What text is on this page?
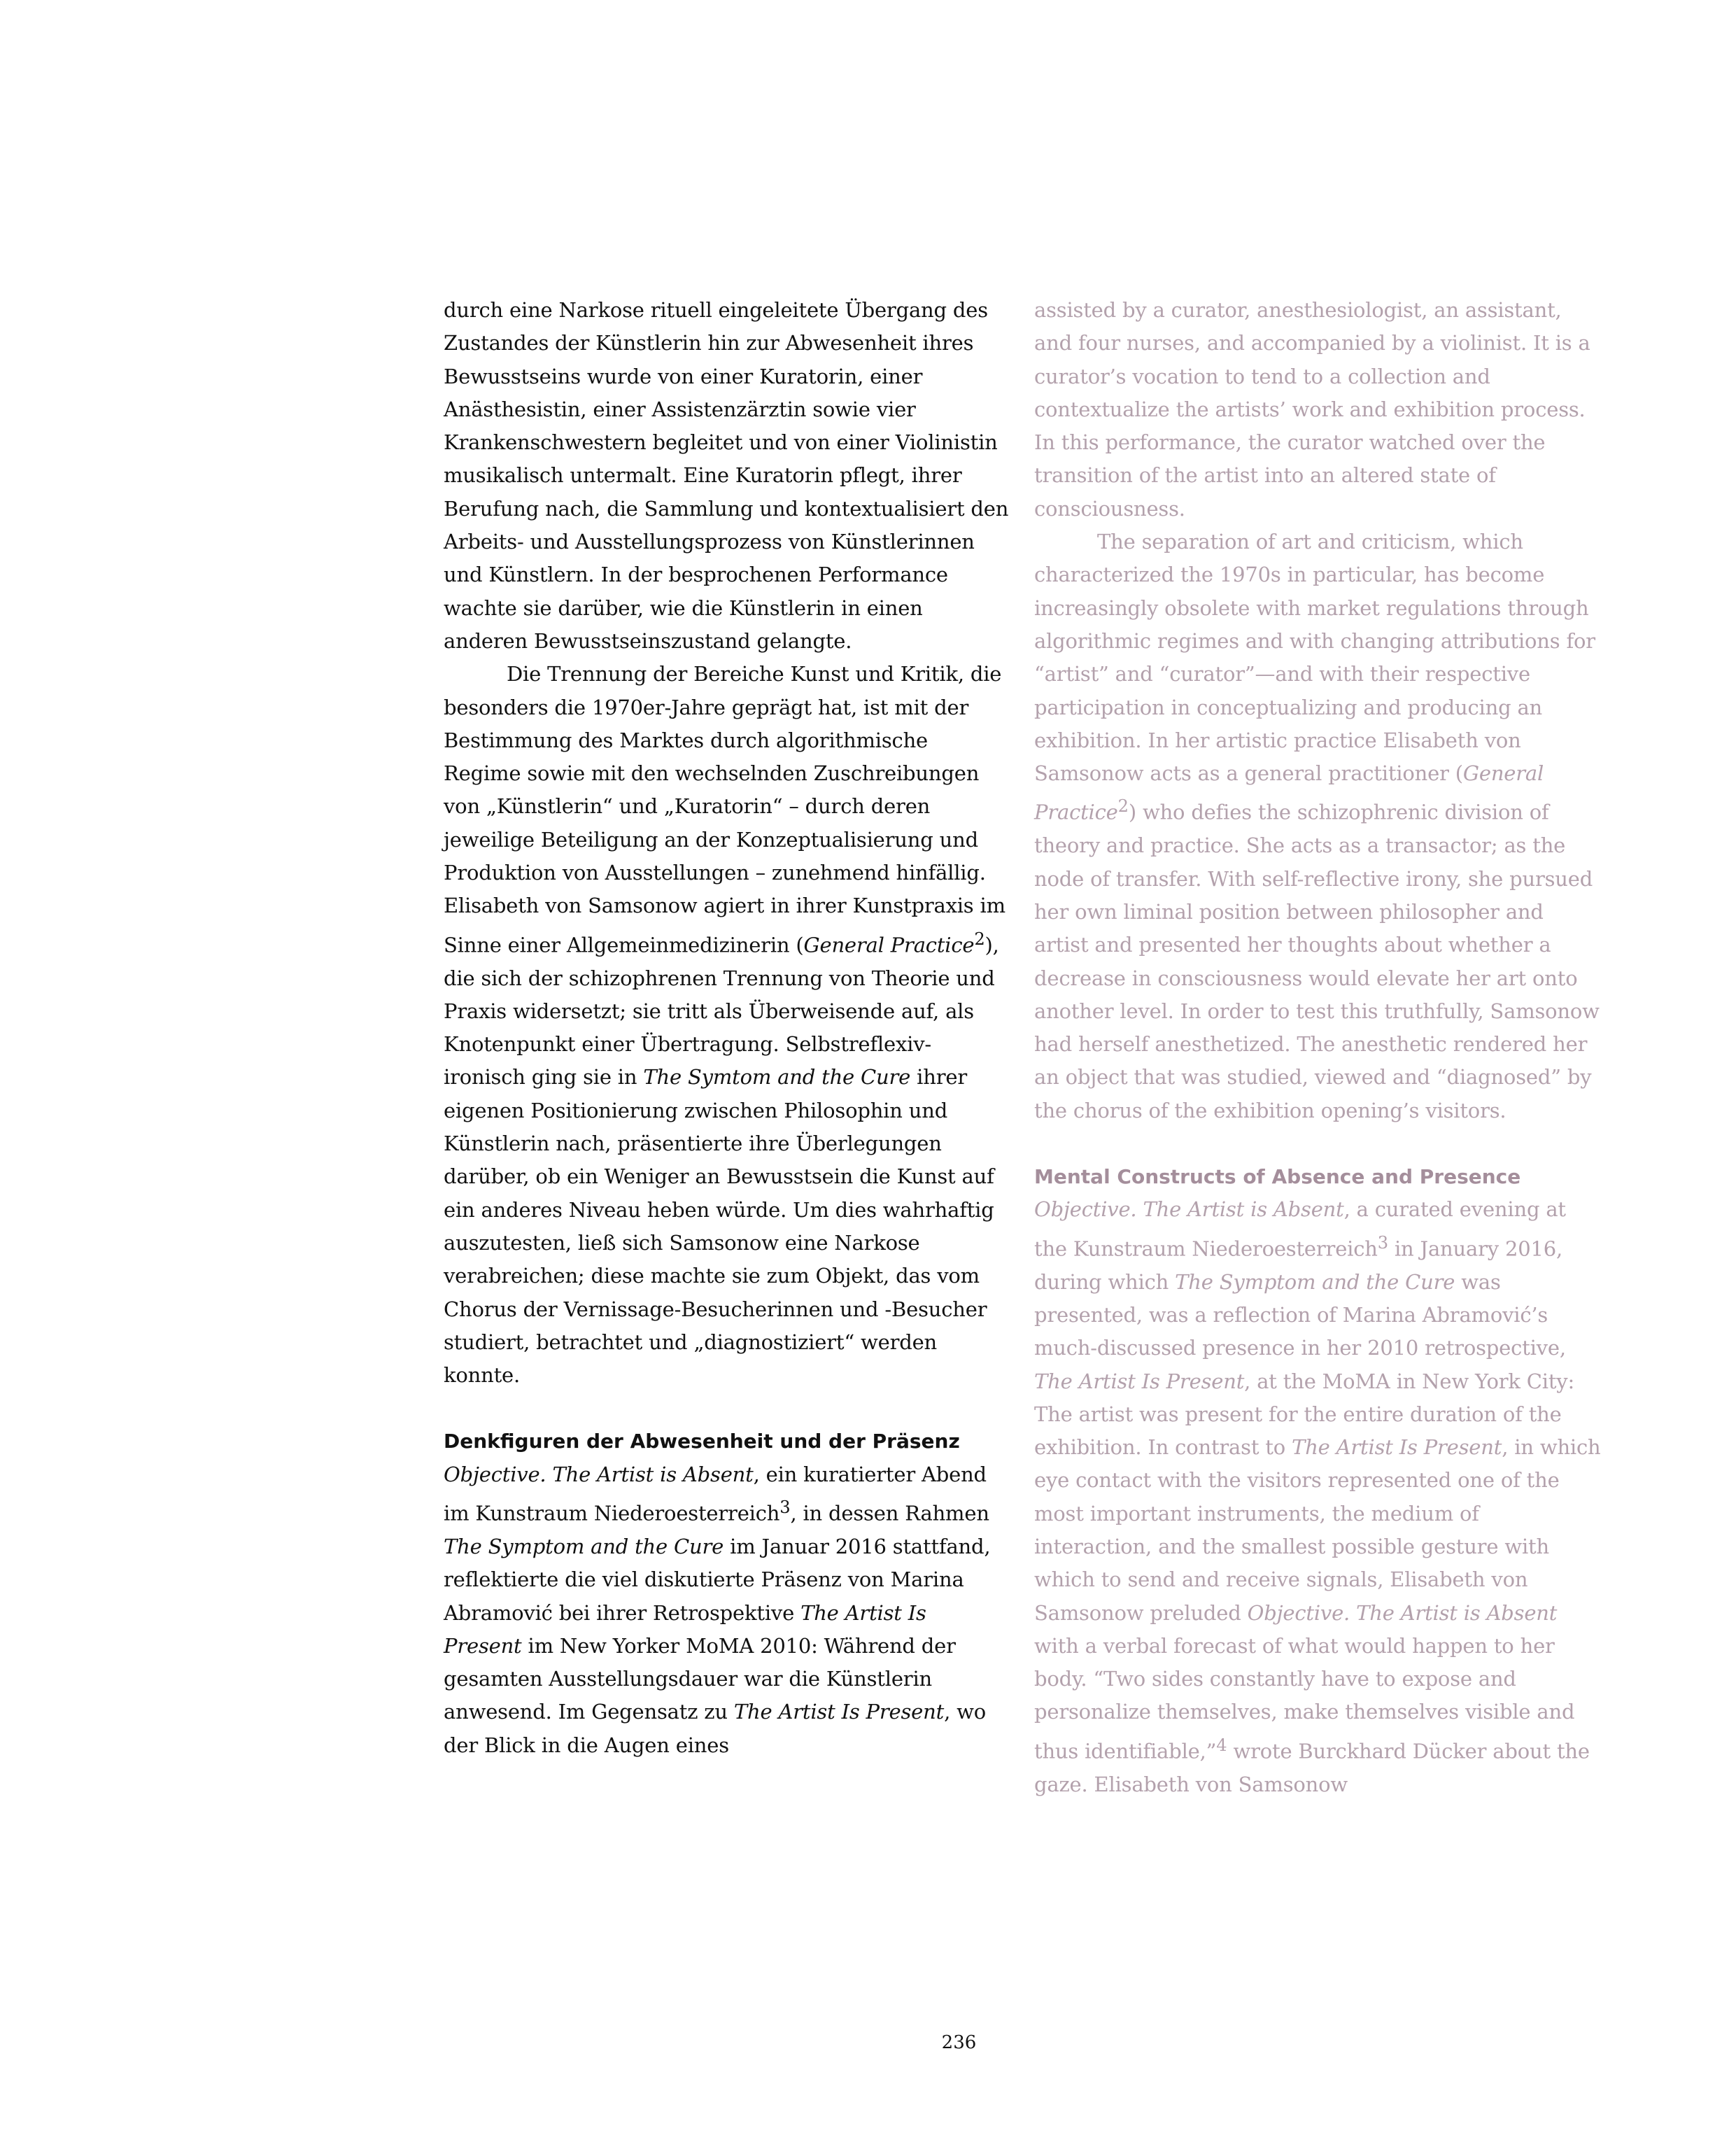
durch eine Narkose rituell eingeleitete Übergang des Zustandes der Künstlerin hin zur Abwesenheit ihres Bewusstseins wurde von einer Kuratorin, einer Anästhesistin, einer Assistenzärztin sowie vier Krankenschwestern begleitet und von einer Violinistin musikalisch untermalt. Eine Kuratorin pflegt, ihrer Berufung nach, die Sammlung und kontextualisiert den Arbeits- und Ausstellungsprozess von Künstlerinnen und Künstlern. In der besprochenen Performance wachte sie darüber, wie die Künstlerin in einen anderen Bewusstseinszustand gelangte.

Die Trennung der Bereiche Kunst und Kritik, die besonders die 1970er-Jahre geprägt hat, ist mit der Bestimmung des Marktes durch algorithmische Regime sowie mit den wechselnden Zuschreibungen von „Künstlerin“ und „Kuratorin“ – durch deren jeweilige Beteiligung an der Konzeptualisierung und Produktion von Ausstellungen – zunehmend hinfällig. Elisabeth von Samsonow agiert in ihrer Kunstpraxis im Sinne einer Allgemeinmedizinerin (General Practice$^2$), die sich der schizophrenen Trennung von Theorie und Praxis widersetzt; sie tritt als Überweisende auf, als Knotenpunkt einer Übertragung. Selbstreflexiv-ironisch ging sie in The Symtom and the Cure ihrer eigenen Positionierung zwischen Philosophin und Künstlerin nach, präsentierte ihre Überlegungen darüber, ob ein Weniger an Bewusstsein die Kunst auf ein anderes Niveau heben würde. Um dies wahrhaftig auszutesten, ließ sich Samsonow eine Narkose verabreichen; diese machte sie zum Objekt, das vom Chorus der Vernissage-Besucherinnen und -Besucher studiert, betrachtet und „diagnostiziert“ werden konnte.

Denkfiguren der Abwesenheit und der Präsenz

Objective. The Artist is Absent, ein kuratierter Abend im Kunstraum Niederoesterreich$^3$, in dessen Rahmen The Symptom and the Cure im Januar 2016 stattfand, reflektierte die viel diskutierte Präsenz von Marina Abramović bei ihrer Retrospektive The Artist Is Present im New Yorker MoMA 2010: Während der gesamten Ausstellungsdauer war die Künstlerin anwesend. Im Gegensatz zu The Artist Is Present, wo der Blick in die Augen eines

assisted by a curator, anesthesiologist, an assistant, and four nurses, and accompanied by a violinist. It is a curator’s vocation to tend to a collection and contextualize the artists’ work and exhibition process. In this performance, the curator watched over the transition of the artist into an altered state of consciousness.

The separation of art and criticism, which characterized the 1970s in particular, has become increasingly obsolete with market regulations through algorithmic regimes and with changing attributions for “artist” and “curator”—and with their respective participation in conceptualizing and producing an exhibition. In her artistic practice Elisabeth von Samsonow acts as a general practitioner (General Practice$^2$) who defies the schizophrenic division of theory and practice. She acts as a transactor; as the node of transfer. With self-reflective irony, she pursued her own liminal position between philosopher and artist and presented her thoughts about whether a decrease in consciousness would elevate her art onto another level. In order to test this truthfully, Samsonow had herself anesthetized. The anesthetic rendered her an object that was studied, viewed and “diagnosed” by the chorus of the exhibition opening’s visitors.

Mental Constructs of Absence and Presence

Objective. The Artist is Absent, a curated evening at the Kunstraum Niederoesterreich$^3$ in January 2016, during which The Symptom and the Cure was presented, was a reflection of Marina Abramović’s much-discussed presence in her 2010 retrospective, The Artist Is Present, at the MoMA in New York City: The artist was present for the entire duration of the exhibition. In contrast to The Artist Is Present, in which eye contact with the visitors represented one of the most important instruments, the medium of interaction, and the smallest possible gesture with which to send and receive signals, Elisabeth von Samsonow preluded Objective. The Artist is Absent with a verbal forecast of what would happen to her body. “Two sides constantly have to expose and personalize themselves, make themselves visible and thus identifiable,”$^4$ wrote Burckhard Dücker about the gaze. Elisabeth von Samsonow

236
